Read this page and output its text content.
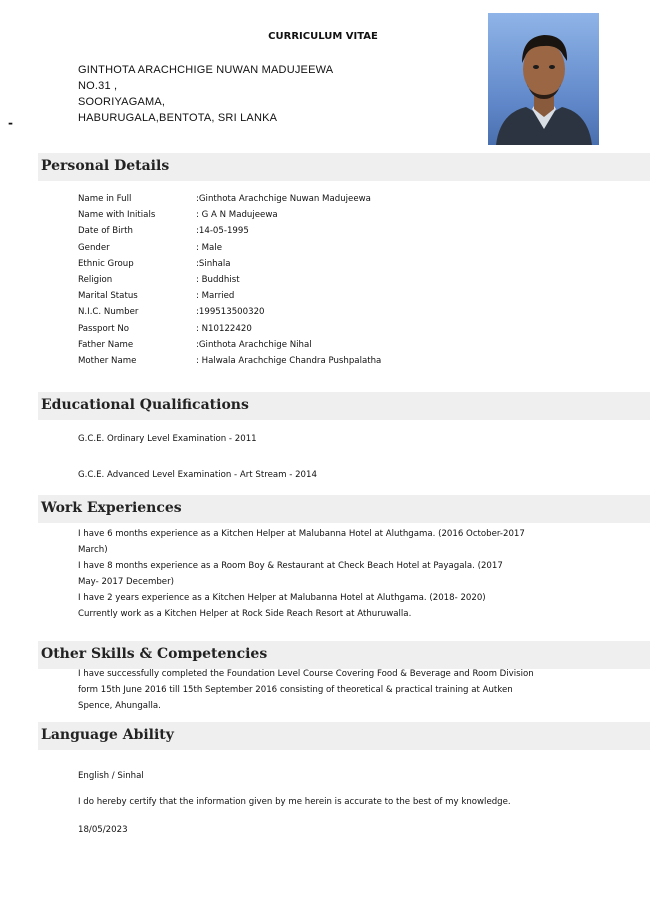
CURRICULUM VITAE
GINTHOTA ARACHCHIGE NUWAN MADUJEEWA
NO.31 ,
SOORIYAGAMA,
HABURUGALA,BENTOTA, SRI LANKA
-
Personal Details
Name in Full	:Ginthota Arachchige Nuwan Madujeewa
Name with Initials	: G A N Madujeewa
Date of Birth	:14-05-1995
Gender	: Male
Ethnic Group	:Sinhala
Religion	: Buddhist
Marital Status	: Married
N.I.C. Number	:199513500320
Passport No	: N10122420
Father Name	:Ginthota Arachchige Nihal
Mother Name	: Halwala Arachchige Chandra Pushpalatha
Educational Qualifications
G.C.E. Ordinary Level Examination - 2011
G.C.E. Advanced Level Examination - Art Stream - 2014
Work Experiences
I have 6 months experience as a Kitchen Helper at Malubanna Hotel at Aluthgama. (2016 October-2017
March)
I have 8 months experience as a Room Boy & Restaurant at Check Beach Hotel at Payagala. (2017
May- 2017 December)
I have 2 years experience as a Kitchen Helper at Malubanna Hotel at Aluthgama. (2018- 2020)
Currently work as a Kitchen Helper at Rock Side Reach Resort at Athuruwalla.
Other Skills & Competencies
I have successfully completed the Foundation Level Course Covering Food & Beverage and Room Division
form 15th June 2016 till 15th September 2016 consisting of theoretical & practical training at Autken
Spence, Ahungalla.
Language Ability
English / Sinhal
I do hereby certify that the information given by me herein is accurate to the best of my knowledge.
18/05/2023
